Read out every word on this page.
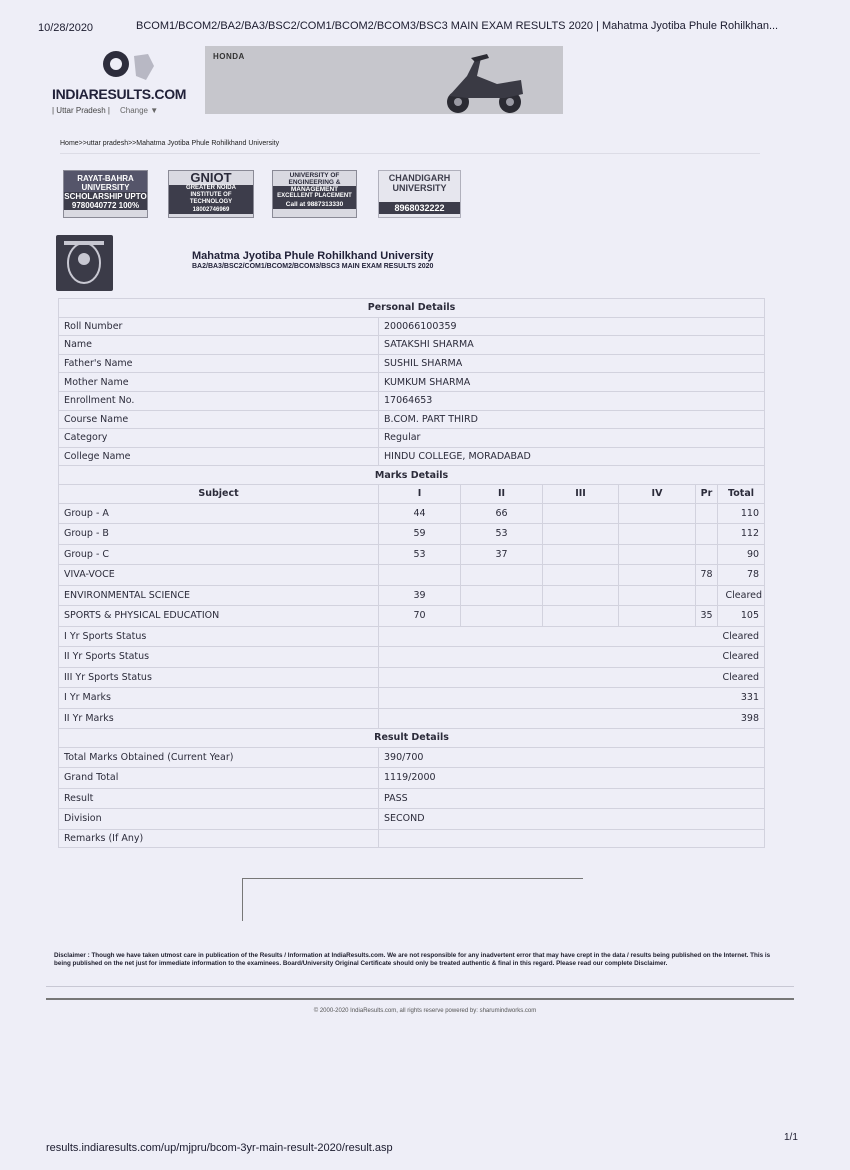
10/28/2020	BCOM1/BCOM2/BA2/BA3/BSC2/COM1/BCOM2/BCOM3/BSC3 MAIN EXAM RESULTS 2020 | Mahatma Jyotiba Phule Rohilkhan...
INDIARESULTS.COM
| Uttar Pradesh | Change ▼
HONDA
Home>>uttar pradesh>>Mahatma Jyotiba Phule Rohilkhand University
RAYAT-BAHRA
UNIVERSITY
SCHOLARSHIP UPTO
9780040772 100%
GNIOT
GREATER NOIDA
INSTITUTE OF
TECHNOLOGY
18002746969
UNIVERSITY OF
ENGINEERING &
MANAGEMENT
EXCELLENT PLACEMENT
Call at 9887313330
CHANDIGARH
UNIVERSITY
8968032222
Mahatma Jyotiba Phule Rohilkhand University
BA2/BA3/BSC2/COM1/BCOM2/BCOM3/BSC3 MAIN EXAM RESULTS 2020
Personal Details						
Roll Number	200066100359					
Name	SATAKSHI SHARMA					
Father's Name	SUSHIL SHARMA					
Mother Name	KUMKUM SHARMA					
Enrollment No.	17064653					
Course Name	B.COM. PART THIRD					
Category	Regular					
College Name	HINDU COLLEGE, MORADABAD					
Marks Details						
Subject	I	II	III	IV	Pr	Total
Group - A	44	66				110
Group - B	59	53				112
Group - C	53	37				90
VIVA-VOCE					78	78
ENVIRONMENTAL SCIENCE	39					Cleared
SPORTS & PHYSICAL EDUCATION	70				35	105
I Yr Sports Status	Cleared					
II Yr Sports Status	Cleared					
III Yr Sports Status	Cleared					
I Yr Marks	331					
II Yr Marks	398					
Result Details						
Total Marks Obtained (Current Year)	390/700					
Grand Total	1119/2000					
Result	PASS					
Division	SECOND					
Remarks (If Any)						
Disclaimer : Though we have taken utmost care in publication of the Results / Information at IndiaResults.com. We are not responsible for any inadvertent error that may have crept in the data / results being published on the Internet. This is being published on the net just for immediate information to the examinees. Board/University Original Certificate should only be treated authentic & final in this regard. Please read our complete Disclaimer.
© 2000-2020 IndiaResults.com, all rights reserve powered by: sharumindworks.com
results.indiaresults.com/up/mjpru/bcom-3yr-main-result-2020/result.asp
1/1
